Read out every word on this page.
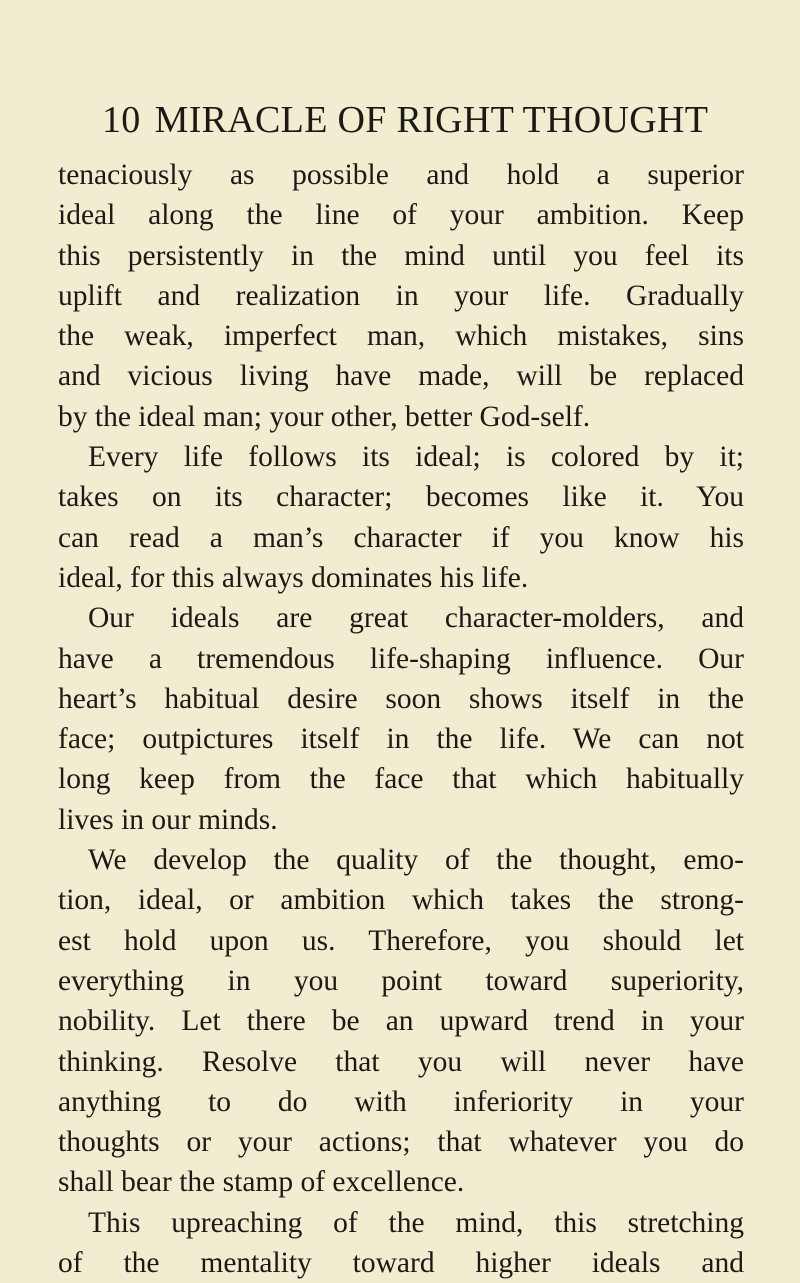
10 MIRACLE OF RIGHT THOUGHT
tenaciously as possible and hold a superior
ideal along the line of your ambition. Keep
this persistently in the mind until you feel its
uplift and realization in your life. Gradually
the weak, imperfect man, which mistakes, sins
and vicious living have made, will be replaced
by the ideal man; your other, better God-self.
Every life follows its ideal; is colored by it;
takes on its character; becomes like it. You
can read a man’s character if you know his
ideal, for this always dominates his life.
Our ideals are great character-molders, and
have a tremendous life-shaping influence. Our
heart’s habitual desire soon shows itself in the
face; outpictures itself in the life. We can not
long keep from the face that which habitually
lives in our minds.
We develop the quality of the thought, emo-
tion, ideal, or ambition which takes the strong-
est hold upon us. Therefore, you should let
everything in you point toward superiority,
nobility. Let there be an upward trend in your
thinking. Resolve that you will never have
anything to do with inferiority in your
thoughts or your actions; that whatever you do
shall bear the stamp of excellence.
This upreaching of the mind, this stretching
of the mentality toward higher ideals and
